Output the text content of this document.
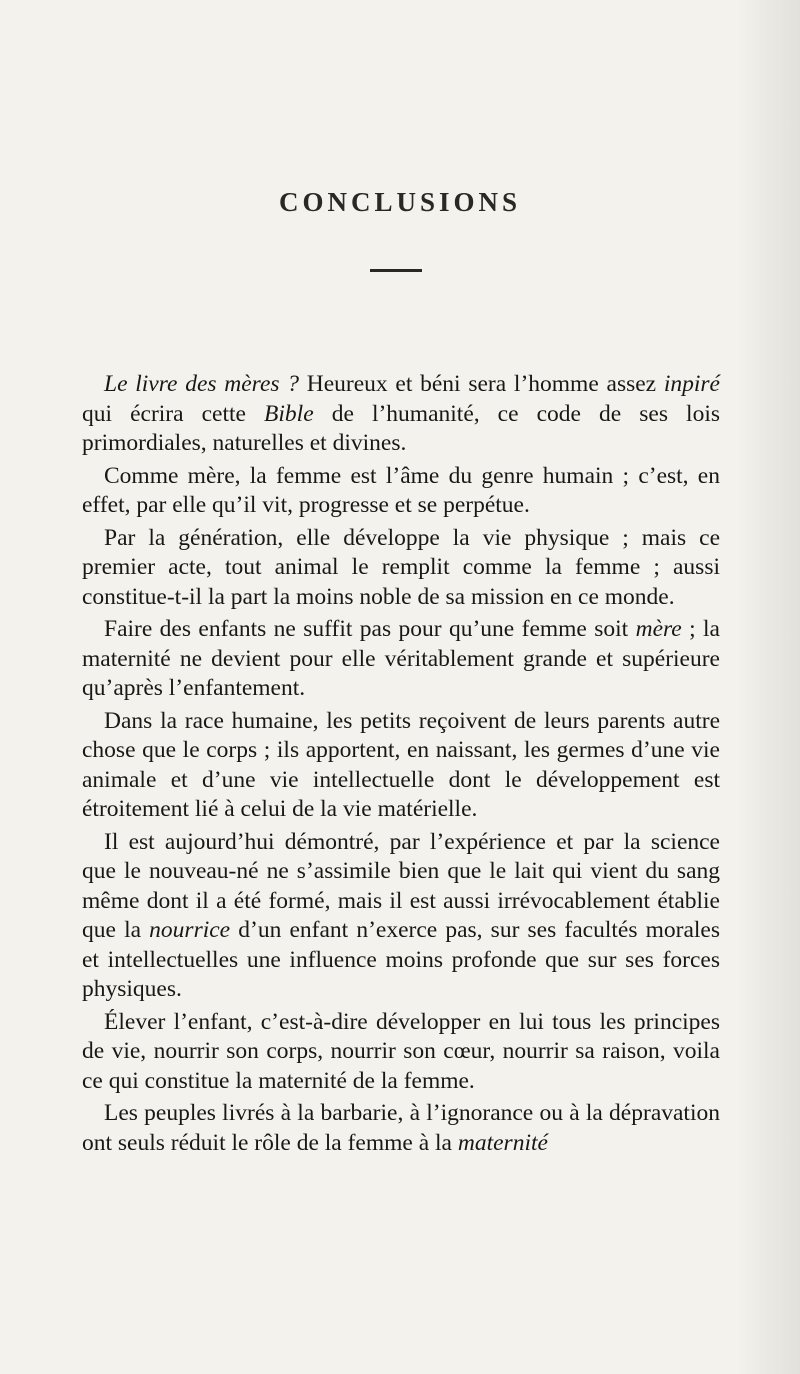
CONCLUSIONS

Le livre des mères ? Heureux et béni sera l’homme assez inpiré qui écrira cette Bible de l’humanité, ce code de ses lois primordiales, naturelles et divines.

Comme mère, la femme est l’âme du genre humain ; c’est, en effet, par elle qu’il vit, progresse et se perpétue.

Par la génération, elle développe la vie physique ; mais ce premier acte, tout animal le remplit comme la femme ; aussi constitue-t-il la part la moins noble de sa mission en ce monde.

Faire des enfants ne suffit pas pour qu’une femme soit mère ; la maternité ne devient pour elle véritablement grande et supérieure qu’après l’enfantement.

Dans la race humaine, les petits reçoivent de leurs parents autre chose que le corps ; ils apportent, en naissant, les germes d’une vie animale et d’une vie intellectuelle dont le développement est étroitement lié à celui de la vie matérielle.

Il est aujourd’hui démontré, par l’expérience et par la science que le nouveau-né ne s’assimile bien que le lait qui vient du sang même dont il a été formé, mais il est aussi irrévocablement établie que la nourrice d’un enfant n’exerce pas, sur ses facultés morales et intellectuelles une influence moins profonde que sur ses forces physiques.

Élever l’enfant, c’est-à-dire développer en lui tous les principes de vie, nourrir son corps, nourrir son cœur, nourrir sa raison, voila ce qui constitue la maternité de la femme.

Les peuples livrés à la barbarie, à l’ignorance ou à la dépravation ont seuls réduit le rôle de la femme à la maternité
